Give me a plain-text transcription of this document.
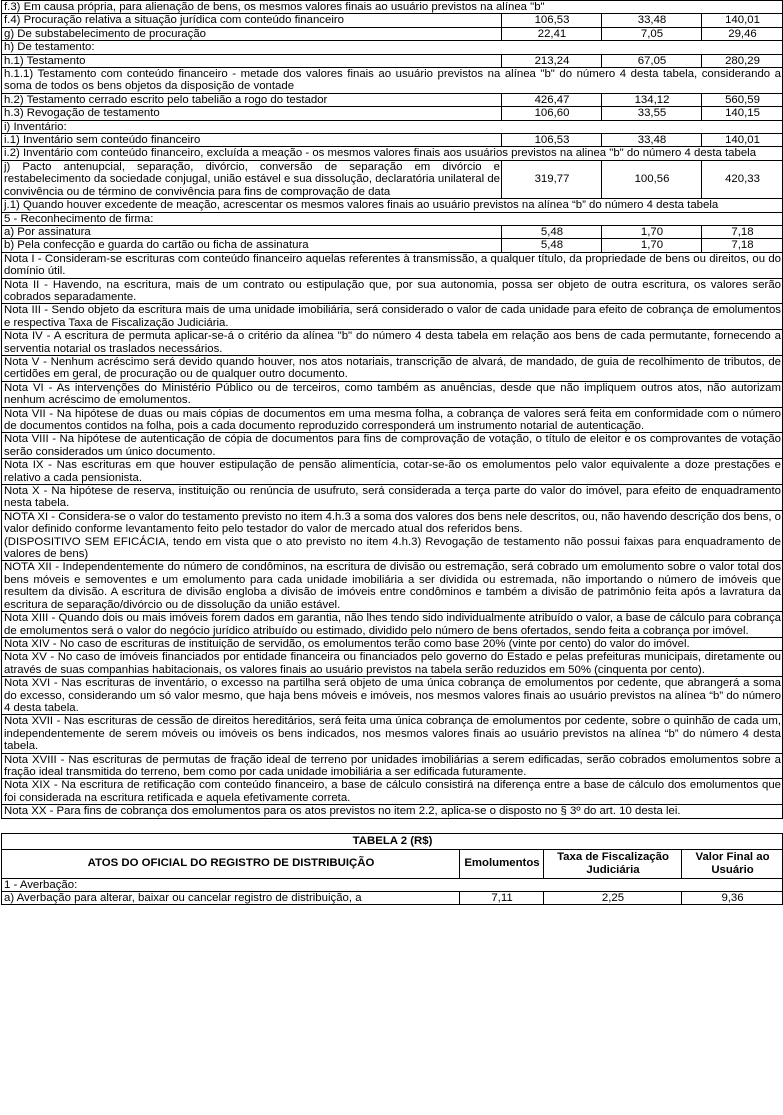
f.3) Em causa própria, para alienação de bens, os mesmos valores finais ao usuário previstos na alínea "b"			
f.4) Procuração relativa a situação jurídica com conteúdo financeiro	106,53	33,48	140,01
g) De substabelecimento de procuração	22,41	7,05	29,46
h) De testamento:			
h.1) Testamento	213,24	67,05	280,29
h.1.1) Testamento com conteúdo financeiro - metade dos valores finais ao usuário previstos na alínea "b" do número 4 desta tabela, considerando a soma de todos os bens objetos da disposição de vontade			
h.2) Testamento cerrado escrito pelo tabelião a rogo do testador	426,47	134,12	560,59
h.3) Revogação de testamento	106,60	33,55	140,15
i) Inventário:			
i.1) Inventário sem conteúdo financeiro	106,53	33,48	140,01
i.2) Inventário com conteúdo financeiro, excluída a meação - os mesmos valores finais aos usuários previstos na alinea "b" do número 4 desta tabela			
j) Pacto antenupcial, separação, divórcio, conversão de separação em divórcio e restabelecimento da sociedade conjugal, união estável e sua dissolução, declaratória unilateral de convivência ou de término de convivência para fins de comprovação de data	319,77	100,56	420,33
j.1) Quando houver excedente de meação, acrescentar os mesmos valores finais ao usuário previstos na alínea “b” do número 4 desta tabela			
5 - Reconhecimento de firma:			
a) Por assinatura	5,48	1,70	7,18
b) Pela confecção e guarda do cartão ou ficha de assinatura	5,48	1,70	7,18
Nota I - Consideram-se escrituras com conteúdo financeiro aquelas referentes à transmissão, a qualquer título, da propriedade de bens ou direitos, ou do domínio útil.			
Nota II - Havendo, na escritura, mais de um contrato ou estipulação que, por sua autonomia, possa ser objeto de outra escritura, os valores serão cobrados separadamente.			
Nota III - Sendo objeto da escritura mais de uma unidade imobiliária, será considerado o valor de cada unidade para efeito de cobrança de emolumentos e respectiva Taxa de Fiscalização Judiciária.			
Nota IV - A escritura de permuta aplicar-se-á o critério da alínea "b" do número 4 desta tabela em relação aos bens de cada permutante, fornecendo a serventia notarial os traslados necessários.			
Nota V - Nenhum acréscimo será devido quando houver, nos atos notariais, transcrição de alvará, de mandado, de guia de recolhimento de tributos, de certidões em geral, de procuração ou de qualquer outro documento.			
Nota VI - As intervenções do Ministério Público ou de terceiros, como também as anuências, desde que não impliquem outros atos, não autorizam nenhum acréscimo de emolumentos.			
Nota VII - Na hipótese de duas ou mais cópias de documentos em uma mesma folha, a cobrança de valores será feita em conformidade com o número de documentos contidos na folha, pois a cada documento reproduzido corresponderá um instrumento notarial de autenticação.			
Nota VIII - Na hipótese de autenticação de cópia de documentos para fins de comprovação de votação, o título de eleitor e os comprovantes de votação serão considerados um único documento.			
Nota IX - Nas escrituras em que houver estipulação de pensão alimentícia, cotar-se-ão os emolumentos pelo valor equivalente a doze prestações e relativo a cada pensionista.			
Nota X - Na hipótese de reserva, instituição ou renúncia de usufruto, será considerada a terça parte do valor do imóvel, para efeito de enquadramento nesta tabela.			
NOTA XI - Considera-se o valor do testamento previsto no item 4.h.3 a soma dos valores dos bens nele descritos, ou, não havendo descrição dos bens, o valor definido conforme levantamento feito pelo testador do valor de mercado atual dos referidos bens.
(DISPOSITIVO SEM EFICÁCIA, tendo em vista que o ato previsto no item 4.h.3) Revogação de testamento não possui faixas para enquadramento de valores de bens)			
NOTA XII - Independentemente do número de condôminos, na escritura de divisão ou estremação, será cobrado um emolumento sobre o valor total dos bens móveis e semoventes e um emolumento para cada unidade imobiliária a ser dividida ou estremada, não importando o número de imóveis que resultem da divisão. A escritura de divisão engloba a divisão de imóveis entre condôminos e também a divisão de patrimônio feita após a lavratura da escritura de separação/divórcio ou de dissolução da união estável.			
Nota XIII - Quando dois ou mais imóveis forem dados em garantia, não lhes tendo sido individualmente atribuído o valor, a base de cálculo para cobrança de emolumentos será o valor do negócio jurídico atribuído ou estimado, dividido pelo número de bens ofertados, sendo feita a cobrança por imóvel.			
Nota XIV - No caso de escrituras de instituição de servidão, os emolumentos terão como base 20% (vinte por cento) do valor do imóvel.			
Nota XV - No caso de imóveis financiados por entidade financeira ou financiados pelo governo do Estado e pelas prefeituras municipais, diretamente ou através de suas companhias habitacionais, os valores finais ao usuário previstos na tabela serão reduzidos em 50% (cinquenta por cento).			
Nota XVI - Nas escrituras de inventário, o excesso na partilha será objeto de uma única cobrança de emolumentos por cedente, que abrangerá a soma do excesso, considerando um só valor mesmo, que haja bens móveis e imóveis, nos mesmos valores finais ao usuário previstos na alínea “b” do número 4 desta tabela.			
Nota XVII - Nas escrituras de cessão de direitos hereditários, será feita uma única cobrança de emolumentos por cedente, sobre o quinhão de cada um, independentemente de serem móveis ou imóveis os bens indicados, nos mesmos valores finais ao usuário previstos na alínea “b” do número 4 desta tabela.			
Nota XVIII - Nas escrituras de permutas de fração ideal de terreno por unidades imobiliárias a serem edificadas, serão cobrados emolumentos sobre a fração ideal transmitida do terreno, bem como por cada unidade imobiliária a ser edificada futuramente.			
Nota XIX - Na escritura de retificação com conteúdo financeiro, a base de cálculo consistirá na diferença entre a base de cálculo dos emolumentos que foi considerada na escritura retificada e aquela efetivamente correta.			
Nota XX - Para fins de cobrança dos emolumentos para os atos previstos no item 2.2, aplica-se o disposto no § 3º do art. 10 desta lei.			
TABELA 2 (R$)			
ATOS DO OFICIAL DO REGISTRO DE DISTRIBUIÇÃO	Emolumentos	Taxa de Fiscalização Judiciária	Valor Final ao Usuário
1 - Averbação:			
a) Averbação para alterar, baixar ou cancelar registro de distribuição, a	7,11	2,25	9,36
